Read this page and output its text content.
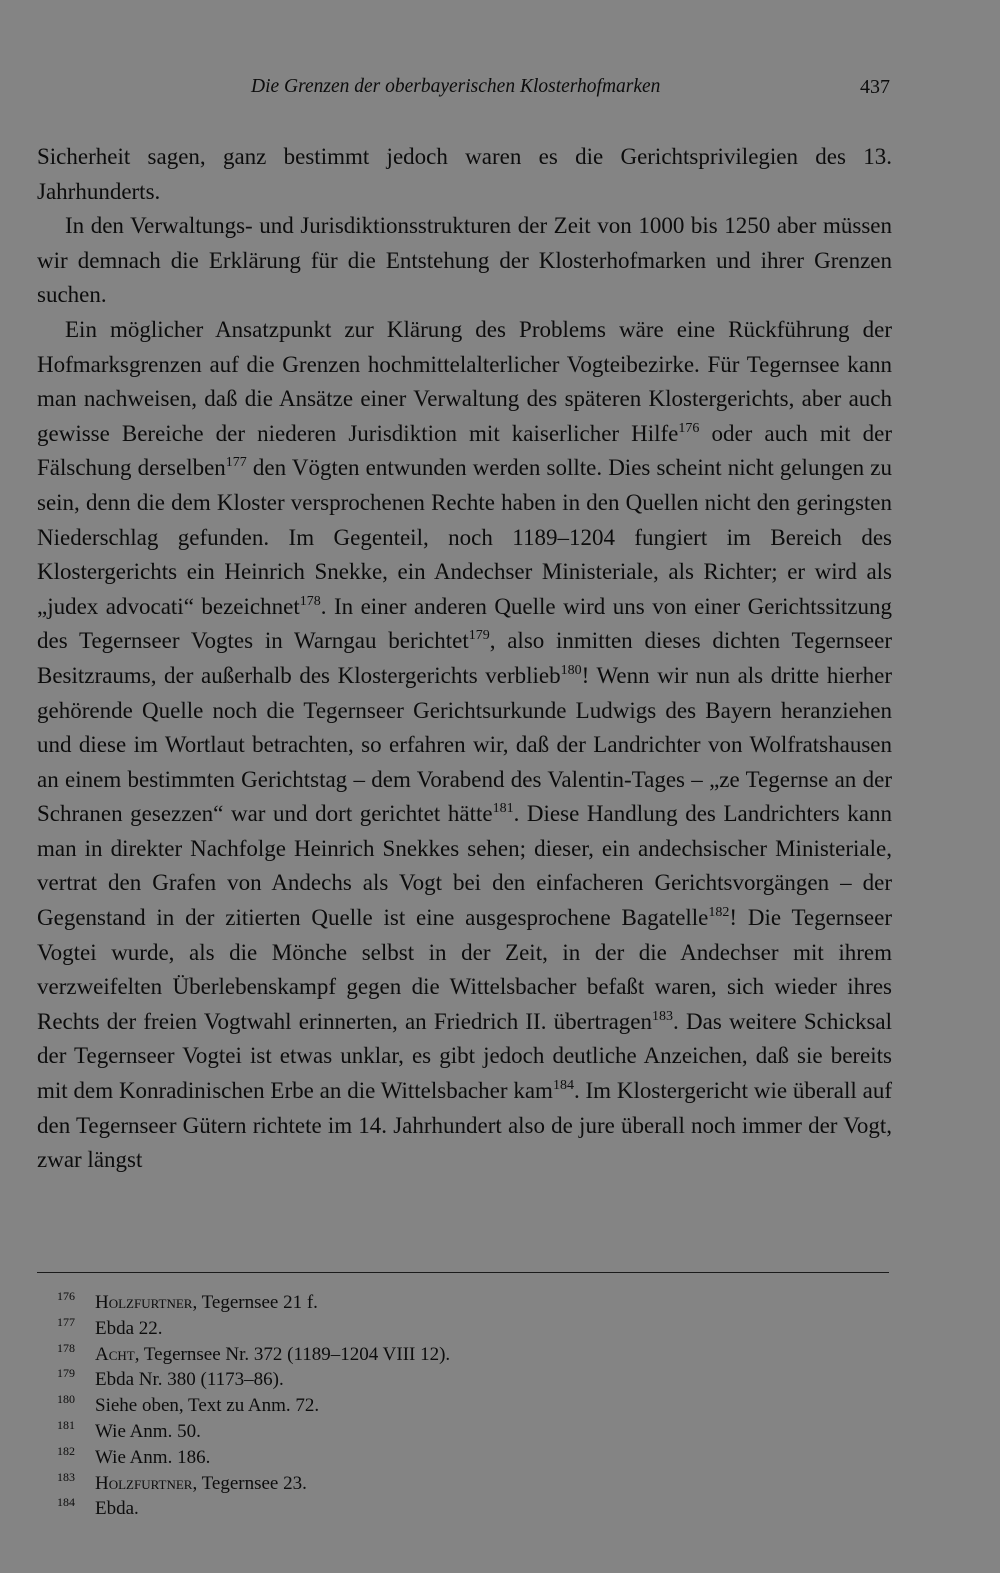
Die Grenzen der oberbayerischen Klosterhofmarken	437

Sicherheit sagen, ganz bestimmt jedoch waren es die Gerichtsprivilegien des 13. Jahrhunderts.

In den Verwaltungs- und Jurisdiktionsstrukturen der Zeit von 1000 bis 1250 aber müssen wir demnach die Erklärung für die Entstehung der Klosterhofmarken und ihrer Grenzen suchen.

Ein möglicher Ansatzpunkt zur Klärung des Problems wäre eine Rückführung der Hofmarksgrenzen auf die Grenzen hochmittelalterlicher Vogteibezirke. Für Tegernsee kann man nachweisen, daß die Ansätze einer Verwaltung des späteren Klostergerichts, aber auch gewisse Bereiche der niederen Jurisdiktion mit kaiserlicher Hilfe$^{176}$ oder auch mit der Fälschung derselben$^{177}$ den Vögten entwunden werden sollte. Dies scheint nicht gelungen zu sein, denn die dem Kloster versprochenen Rechte haben in den Quellen nicht den geringsten Niederschlag gefunden. Im Gegenteil, noch 1189–1204 fungiert im Bereich des Klostergerichts ein Heinrich Snekke, ein Andechser Ministeriale, als Richter; er wird als „judex advocati“ bezeichnet$^{178}$. In einer anderen Quelle wird uns von einer Gerichtssitzung des Tegernseer Vogtes in Warngau berichtet$^{179}$, also inmitten dieses dichten Tegernseer Besitzraums, der außerhalb des Klostergerichts verblieb$^{180}$! Wenn wir nun als dritte hierher gehörende Quelle noch die Tegernseer Gerichtsurkunde Ludwigs des Bayern heranziehen und diese im Wortlaut betrachten, so erfahren wir, daß der Landrichter von Wolfratshausen an einem bestimmten Gerichtstag – dem Vorabend des Valentin-Tages – „ze Tegernse an der Schranen gesezzen“ war und dort gerichtet hätte$^{181}$. Diese Handlung des Landrichters kann man in direkter Nachfolge Heinrich Snekkes sehen; dieser, ein andechsischer Ministeriale, vertrat den Grafen von Andechs als Vogt bei den einfacheren Gerichtsvorgängen – der Gegenstand in der zitierten Quelle ist eine ausgesprochene Bagatelle$^{182}$! Die Tegernseer Vogtei wurde, als die Mönche selbst in der Zeit, in der die Andechser mit ihrem verzweifelten Überlebenskampf gegen die Wittelsbacher befaßt waren, sich wieder ihres Rechts der freien Vogtwahl erinnerten, an Friedrich II. übertragen$^{183}$. Das weitere Schicksal der Tegernseer Vogtei ist etwas unklar, es gibt jedoch deutliche Anzeichen, daß sie bereits mit dem Konradinischen Erbe an die Wittelsbacher kam$^{184}$. Im Klostergericht wie überall auf den Tegernseer Gütern richtete im 14. Jahrhundert also de jure überall noch immer der Vogt, zwar längst

176	Holzfurtner, Tegernsee 21 f.
177	Ebda 22.
178	Acht, Tegernsee Nr. 372 (1189–1204 VIII 12).
179	Ebda Nr. 380 (1173–86).
180	Siehe oben, Text zu Anm. 72.
181	Wie Anm. 50.
182	Wie Anm. 186.
183	Holzfurtner, Tegernsee 23.
184	Ebda.
